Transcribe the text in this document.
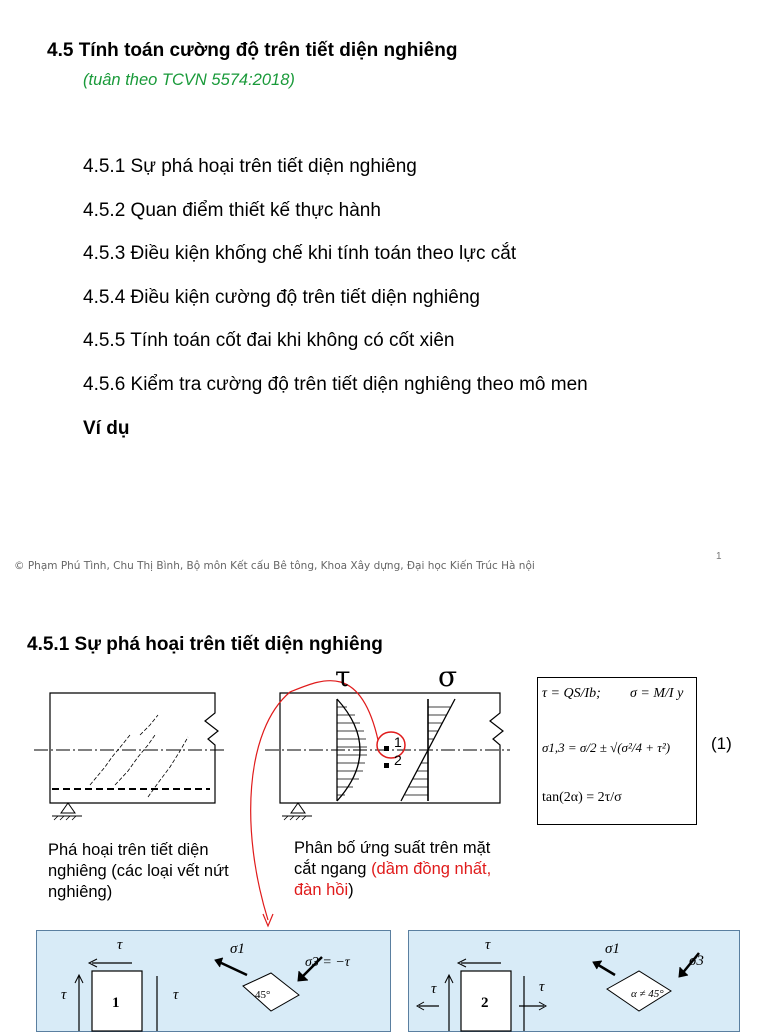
4.5 Tính toán cường độ trên tiết diện nghiêng
(tuân theo TCVN 5574:2018)
4.5.1 Sự phá hoại trên tiết diện nghiêng
4.5.2 Quan điểm thiết kế thực hành
4.5.3 Điều kiện khống chế khi tính toán theo lực cắt
4.5.4 Điều kiện cường độ trên tiết diện nghiêng
4.5.5 Tính toán cốt đai khi không có cốt xiên
4.5.6 Kiểm tra cường độ trên tiết diện nghiêng theo mô men
Ví dụ
© Phạm Phú Tình, Chu Thị Bình, Bộ môn Kết cấu Bê tông, Khoa Xây dựng, Đại học Kiến Trúc Hà nội
1
4.5.1 Sự phá hoại trên tiết diện nghiêng
1
2
τ	σ
τ = QS/Ib; σ = M/I y
σ1,3 = σ/2 ± √(σ²/4 + τ²)
tan(2α) = 2τ/σ
(1)
Phá hoại trên tiết diện nghiêng (các loại vết nứt nghiêng)
Phân bố ứng suất trên mặt cắt ngang (dầm đồng nhất, đàn hồi)
τ
τ	τ
1
σ1
σ3 = −τ
45°
τ
τ	τ
2
σ1
σ3
α ≠ 45°
